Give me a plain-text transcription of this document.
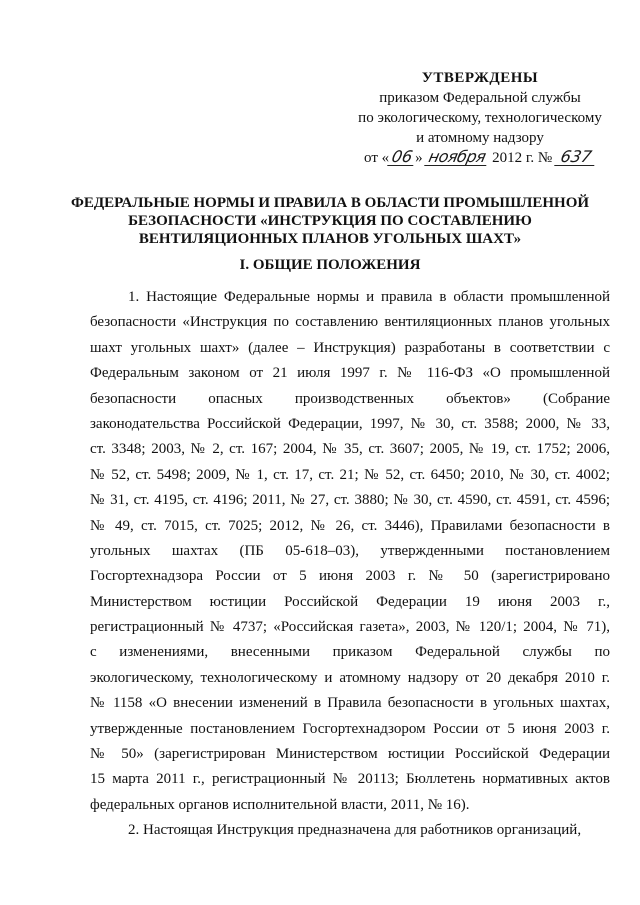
УТВЕРЖДЕНЫ
приказом Федеральной службы
по экологическому, технологическому
и атомному надзору
от «06» ноября 2012 г. № 637
ФЕДЕРАЛЬНЫЕ НОРМЫ И ПРАВИЛА В ОБЛАСТИ ПРОМЫШЛЕННОЙ
БЕЗОПАСНОСТИ «ИНСТРУКЦИЯ ПО СОСТАВЛЕНИЮ
ВЕНТИЛЯЦИОННЫХ ПЛАНОВ УГОЛЬНЫХ ШАХТ»
I. ОБЩИЕ ПОЛОЖЕНИЯ
1. Настоящие Федеральные нормы и правила в области промышленной
безопасности «Инструкция по составлению вентиляционных планов угольных
шахт угольных шахт» (далее – Инструкция) разработаны в соответствии с
Федеральным законом от 21 июля 1997 г. № 116-ФЗ «О промышленной
безопасности опасных производственных объектов» (Собрание
законодательства Российской Федерации, 1997, № 30, ст. 3588; 2000, № 33,
ст. 3348; 2003, № 2, ст. 167; 2004, № 35, ст. 3607; 2005, № 19, ст. 1752; 2006,
№ 52, ст. 5498; 2009, № 1, ст. 17, ст. 21; № 52, ст. 6450; 2010, № 30, ст. 4002;
№ 31, ст. 4195, ст. 4196; 2011, № 27, ст. 3880; № 30, ст. 4590, ст. 4591, ст. 4596;
№ 49, ст. 7015, ст. 7025; 2012, № 26, ст. 3446), Правилами безопасности в
угольных шахтах (ПБ 05-618–03), утвержденными постановлением
Госгортехнадзора России от 5 июня 2003 г. № 50 (зарегистрировано
Министерством юстиции Российской Федерации 19 июня 2003 г.,
регистрационный № 4737; «Российская газета», 2003, № 120/1; 2004, № 71),
с изменениями, внесенными приказом Федеральной службы по
экологическому, технологическому и атомному надзору от 20 декабря 2010 г.
№ 1158 «О внесении изменений в Правила безопасности в угольных шахтах,
утвержденные постановлением Госгортехнадзором России от 5 июня 2003 г.
№ 50» (зарегистрирован Министерством юстиции Российской Федерации
15 марта 2011 г., регистрационный № 20113; Бюллетень нормативных актов
федеральных органов исполнительной власти, 2011, № 16).
2. Настоящая Инструкция предназначена для работников организаций,
